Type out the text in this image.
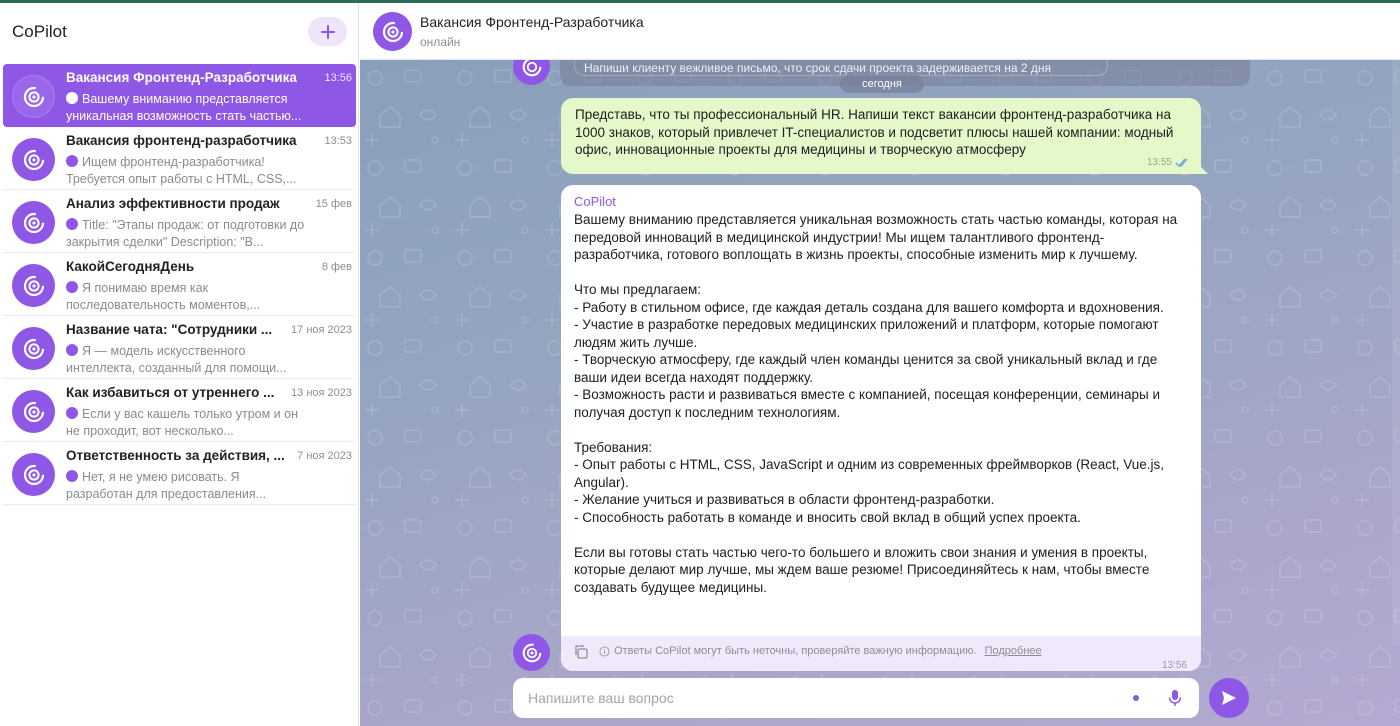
CoPilot
Вакансия Фронтенд-Разработчика	13:56
Вашему вниманию представляется уникальная возможность стать частью...
Вакансия фронтенд-разработчика	13:53
Ищем фронтенд-разработчика! Требуется опыт работы с HTML, CSS,...
Анализ эффективности продаж	15 фев
Title: "Этапы продаж: от подготовки до закрытия сделки" Description: "В...
КакойСегодняДень	8 фев
Я понимаю время как последовательность моментов,...
Название чата: "Сотрудники ...	17 ноя 2023
Я — модель искусственного интеллекта, созданный для помощи...
Как избавиться от утреннего ...	13 ноя 2023
Если у вас кашель только утром и он не проходит, вот несколько...
Ответственность за действия, ...	7 ноя 2023
Нет, я не умею рисовать. Я разработан для предоставления...
Вакансия Фронтенд-Разработчика
онлайн
Напиши клиенту вежливое письмо, что срок сдачи проекта задерживается на 2 дня
сегодня
Представь, что ты профессиональный HR. Напиши текст вакансии фронтенд-разработчика на 1000 знаков, который привлечет IT-специалистов и подсветит плюсы нашей компании: модный офис, инновационные проекты для медицины и творческую атмосферу
13:55
CoPilot
Вашему вниманию представляется уникальная возможность стать частью команды, которая на передовой инноваций в медицинской индустрии! Мы ищем талантливого фронтенд-разработчика, готового воплощать в жизнь проекты, способные изменить мир к лучшему.

Что мы предлагаем:
- Работу в стильном офисе, где каждая деталь создана для вашего комфорта и вдохновения.
- Участие в разработке передовых медицинских приложений и платформ, которые помогают людям жить лучше.
- Творческую атмосферу, где каждый член команды ценится за свой уникальный вклад и где ваши идеи всегда находят поддержку.
- Возможность расти и развиваться вместе с компанией, посещая конференции, семинары и получая доступ к последним технологиям.

Требования:
- Опыт работы с HTML, CSS, JavaScript и одним из современных фреймворков (React, Vue.js, Angular).
- Желание учиться и развиваться в области фронтенд-разработки.
- Способность работать в команде и вносить свой вклад в общий успех проекта.

Если вы готовы стать частью чего-то большего и вложить свои знания и умения в проекты, которые делают мир лучше, мы ждем ваше резюме! Присоединяйтесь к нам, чтобы вместе создавать будущее медицины.
Ответы CoPilot могут быть неточны, проверяйте важную информацию. Подробнее
13:56
Напишите ваш вопрос
